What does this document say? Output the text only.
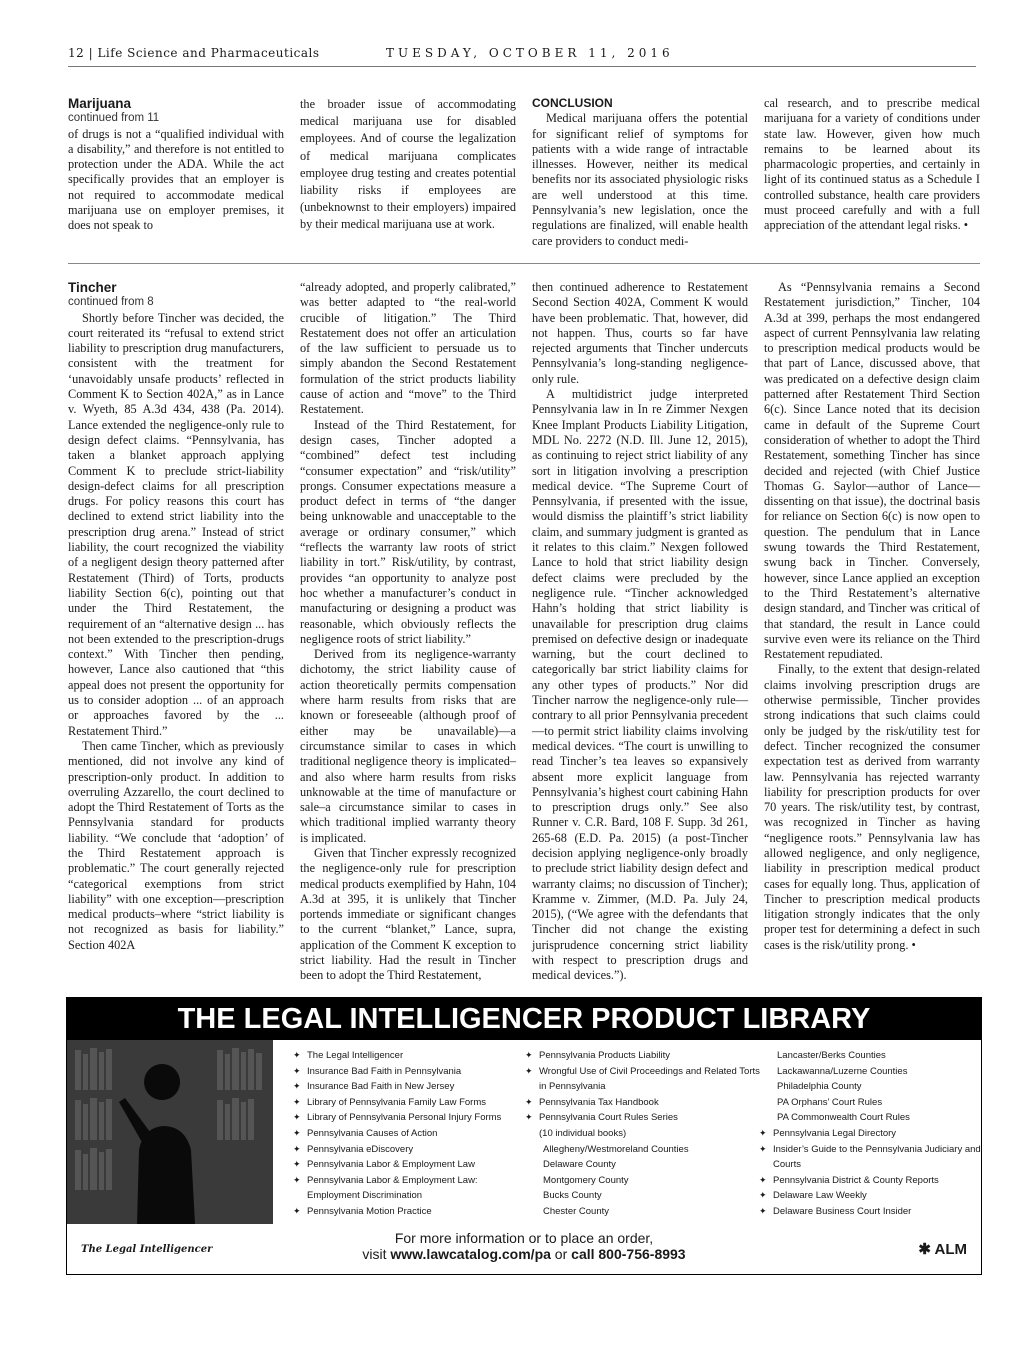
12 | Life Science and Pharmaceuticals	TUESDAY, OCTOBER 11, 2016

Marijuana

continued from 11

of drugs is not a “qualified individual with a disability,” and therefore is not entitled to protection under the ADA. While the act specifically provides that an employer is not required to accommodate medical marijuana use on employer premises, it does not speak to

the broader issue of accommodating medical marijuana use for disabled employees. And of course the legalization of medical marijuana complicates employee drug testing and creates potential liability risks if employees are (unbeknownst to their employers) impaired by their medical marijuana use at work.

CONCLUSION

Medical marijuana offers the potential for significant relief of symptoms for patients with a wide range of intractable illnesses. However, neither its medical benefits nor its associated physiologic risks are well understood at this time. Pennsylvania’s new legislation, once the regulations are finalized, will enable health care providers to conduct medi-

cal research, and to prescribe medical marijuana for a variety of conditions under state law. However, given how much remains to be learned about its pharmacologic properties, and certainly in light of its continued status as a Schedule I controlled substance, health care providers must proceed carefully and with a full appreciation of the attendant legal risks. •

Tincher

continued from 8

Shortly before Tincher was decided, the court reiterated its “refusal to extend strict liability to prescription drug manufacturers, consistent with the treatment for ‘unavoidably unsafe products’ reflected in Comment K to Section 402A,” as in Lance v. Wyeth, 85 A.3d 434, 438 (Pa. 2014). Lance extended the negligence-only rule to design defect claims. “Pennsylvania, has taken a blanket approach applying Comment K to preclude strict-liability design-defect claims for all prescription drugs. For policy reasons this court has declined to extend strict liability into the prescription drug arena.” Instead of strict liability, the court recognized the viability of a negligent design theory patterned after Restatement (Third) of Torts, products liability Section 6(c), pointing out that under the Third Restatement, the requirement of an “alternative design ... has not been extended to the prescription-drugs context.” With Tincher then pending, however, Lance also cautioned that “this appeal does not present the opportunity for us to consider adoption ... of an approach or approaches favored by the ... Restatement Third.”

Then came Tincher, which as previously mentioned, did not involve any kind of prescription-only product. In addition to overruling Azzarello, the court declined to adopt the Third Restatement of Torts as the Pennsylvania standard for products liability. “We conclude that ‘adoption’ of the Third Restatement approach is problematic.” The court generally rejected “categorical exemptions from strict liability” with one exception—prescription medical products–where “strict liability is not recognized as basis for liability.” Section 402A

“already adopted, and properly calibrated,” was better adapted to “the real-world crucible of litigation.” The Third Restatement does not offer an articulation of the law sufficient to persuade us to simply abandon the Second Restatement formulation of the strict products liability cause of action and “move” to the Third Restatement.

Instead of the Third Restatement, for design cases, Tincher adopted a “combined” defect test including “consumer expectation” and “risk/utility” prongs. Consumer expectations measure a product defect in terms of “the danger being unknowable and unacceptable to the average or ordinary consumer,” which “reflects the warranty law roots of strict liability in tort.” Risk/utility, by contrast, provides “an opportunity to analyze post hoc whether a manufacturer’s conduct in manufacturing or designing a product was reasonable, which obviously reflects the negligence roots of strict liability.”

Derived from its negligence-warranty dichotomy, the strict liability cause of action theoretically permits compensation where harm results from risks that are known or foreseeable (although proof of either may be unavailable)—a circumstance similar to cases in which traditional negligence theory is implicated–and also where harm results from risks unknowable at the time of manufacture or sale–a circumstance similar to cases in which traditional implied warranty theory is implicated.

Given that Tincher expressly recognized the negligence-only rule for prescription medical products exemplified by Hahn, 104 A.3d at 395, it is unlikely that Tincher portends immediate or significant changes to the current “blanket,” Lance, supra, application of the Comment K exception to strict liability. Had the result in Tincher been to adopt the Third Restatement,

then continued adherence to Restatement Second Section 402A, Comment K would have been problematic. That, however, did not happen. Thus, courts so far have rejected arguments that Tincher undercuts Pennsylvania’s long-standing negligence-only rule.

A multidistrict judge interpreted Pennsylvania law in In re Zimmer Nexgen Knee Implant Products Liability Litigation, MDL No. 2272 (N.D. Ill. June 12, 2015), as continuing to reject strict liability of any sort in litigation involving a prescription medical device. “The Supreme Court of Pennsylvania, if presented with the issue, would dismiss the plaintiff’s strict liability claim, and summary judgment is granted as it relates to this claim.” Nexgen followed Lance to hold that strict liability design defect claims were precluded by the negligence rule. “Tincher acknowledged Hahn’s holding that strict liability is unavailable for prescription drug claims premised on defective design or inadequate warning, but the court declined to categorically bar strict liability claims for any other types of products.” Nor did Tincher narrow the negligence-only rule—contrary to all prior Pennsylvania precedent—to permit strict liability claims involving medical devices. “The court is unwilling to read Tincher’s tea leaves so expansively absent more explicit language from Pennsylvania’s highest court cabining Hahn to prescription drugs only.” See also Runner v. C.R. Bard, 108 F. Supp. 3d 261, 265-68 (E.D. Pa. 2015) (a post-Tincher decision applying negligence-only broadly to preclude strict liability design defect and warranty claims; no discussion of Tincher); Kramme v. Zimmer, (M.D. Pa. July 24, 2015), (“We agree with the defendants that Tincher did not change the existing jurisprudence concerning strict liability with respect to prescription drugs and medical devices.”).

As “Pennsylvania remains a Second Restatement jurisdiction,” Tincher, 104 A.3d at 399, perhaps the most endangered aspect of current Pennsylvania law relating to prescription medical products would be that part of Lance, discussed above, that was predicated on a defective design claim patterned after Restatement Third Section 6(c). Since Lance noted that its decision came in default of the Supreme Court consideration of whether to adopt the Third Restatement, something Tincher has since decided and rejected (with Chief Justice Thomas G. Saylor—author of Lance—dissenting on that issue), the doctrinal basis for reliance on Section 6(c) is now open to question. The pendulum that in Lance swung towards the Third Restatement, swung back in Tincher. Conversely, however, since Lance applied an exception to the Third Restatement’s alternative design standard, and Tincher was critical of that standard, the result in Lance could survive even were its reliance on the Third Restatement repudiated.

Finally, to the extent that design-related claims involving prescription drugs are otherwise permissible, Tincher provides strong indications that such claims could only be judged by the risk/utility test for defect. Tincher recognized the consumer expectation test as derived from warranty law. Pennsylvania has rejected warranty liability for prescription products for over 70 years. The risk/utility test, by contrast, was recognized in Tincher as having “negligence roots.” Pennsylvania law has allowed negligence, and only negligence, liability in prescription medical product cases for equally long. Thus, application of Tincher to prescription medical products litigation strongly indicates that the only proper test for determining a defect in such cases is the risk/utility prong. •

THE LEGAL INTELLIGENCER PRODUCT LIBRARY
✦ The Legal Intelligencer
✦ Insurance Bad Faith in Pennsylvania
✦ Insurance Bad Faith in New Jersey
✦ Library of Pennsylvania Family Law Forms
✦ Library of Pennsylvania Personal Injury Forms
✦ Pennsylvania Causes of Action
✦ Pennsylvania eDiscovery
✦ Pennsylvania Labor & Employment Law
✦ Pennsylvania Labor & Employment Law:
Employment Discrimination
✦ Pennsylvania Motion Practice
✦ Pennsylvania Products Liability
✦ Wrongful Use of Civil Proceedings and Related Torts
in Pennsylvania
✦ Pennsylvania Tax Handbook
✦ Pennsylvania Court Rules Series
(10 individual books)
Allegheny/Westmoreland Counties
Delaware County
Montgomery County
Bucks County
Chester County
Lancaster/Berks Counties
Lackawanna/Luzerne Counties
Philadelphia County
PA Orphans’ Court Rules
PA Commonwealth Court Rules
✦ Pennsylvania Legal Directory
✦ Insider’s Guide to the Pennsylvania Judiciary and
Courts
✦ Pennsylvania District & County Reports
✦ Delaware Law Weekly
✦ Delaware Business Court Insider
The Legal Intelligencer
For more information or to place an order,
visit www.lawcatalog.com/pa or call 800-756-8993	✱ ALM
